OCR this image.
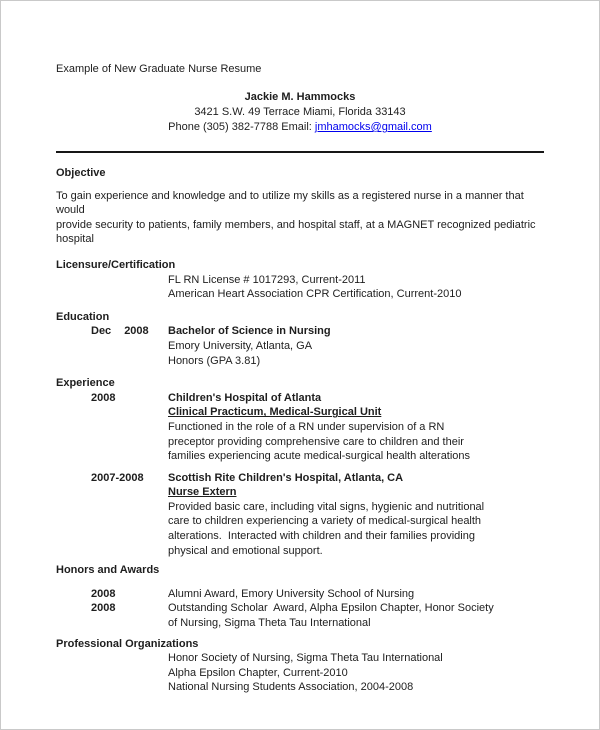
Example of New Graduate Nurse Resume
Jackie M. Hammocks
3421 S.W. 49 Terrace Miami, Florida 33143
Phone (305) 382-7788 Email: jmhamocks@gmail.com
Objective
To gain experience and knowledge and to utilize my skills as a registered nurse in a manner that would
provide security to patients, family members, and hospital staff, at a MAGNET recognized pediatric
hospital
Licensure/Certification
FL RN License # 1017293, Current-2011
American Heart Association CPR Certification, Current-2010
Education
Dec 2008	Bachelor of Science in Nursing
Emory University, Atlanta, GA
Honors (GPA 3.81)
Experience
2008	Children's Hospital of Atlanta
Clinical Practicum, Medical-Surgical Unit
Functioned in the role of a RN under supervision of a RN
preceptor providing comprehensive care to children and their
families experiencing acute medical-surgical health alterations
2007-2008	Scottish Rite Children's Hospital, Atlanta, CA
Nurse Extern
Provided basic care, including vital signs, hygienic and nutritional
care to children experiencing a variety of medical-surgical health
alterations.  Interacted with children and their families providing
physical and emotional support.
Honors and Awards
2008	Alumni Award, Emory University School of Nursing
2008	Outstanding Scholar  Award, Alpha Epsilon Chapter, Honor Society
of Nursing, Sigma Theta Tau International
Professional Organizations
Honor Society of Nursing, Sigma Theta Tau International
Alpha Epsilon Chapter, Current-2010
National Nursing Students Association, 2004-2008
